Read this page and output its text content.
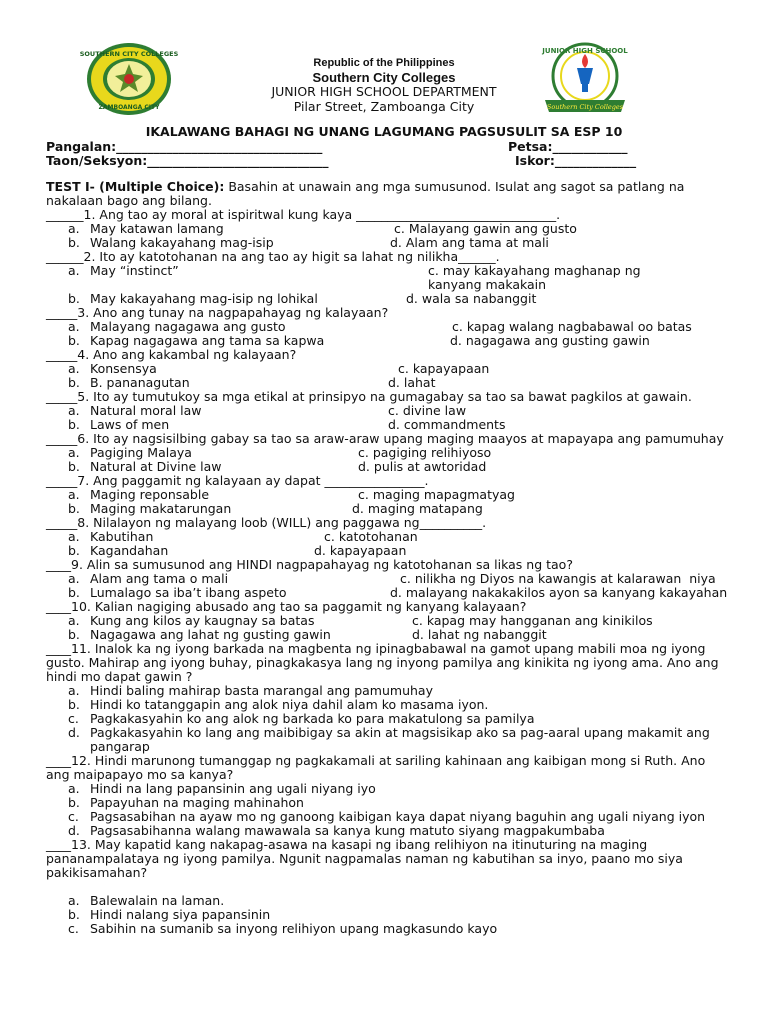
SOUTHERN CITY COLLEGES
ZAMBOANGA CITY
JUNIOR HIGH SCHOOL
Southern City Colleges
Republic of the Philippines
Southern City Colleges
JUNIOR HIGH SCHOOL DEPARTMENT
Pilar Street, Zamboanga City
IKALAWANG BAHAGI NG UNANG LAGUMANG PAGSUSULIT SA ESP 10
Pangalan:_________________________________	Petsa:____________
Taon/Seksyon:_____________________________	Iskor:_____________
TEST I- (Multiple Choice): Basahin at unawain ang mga sumusunod. Isulat ang sagot sa patlang na nakalaan bago ang bilang.
______1. Ang tao ay moral at ispiritwal kung kaya ________________________________.
a. May katawan lamang	c. Malayang gawin ang gusto
b. Walang kakayahang mag-isip	d. Alam ang tama at mali
______2. Ito ay katotohanan na ang tao ay higit sa lahat ng nilikha______.
a. May “instinct”	c. may kakayahang maghanap ng kanyang makakain
b. May kakayahang mag-isip ng lohikal	d. wala sa nabanggit
_____3. Ano ang tunay na nagpapahayag ng kalayaan?
a. Malayang nagagawa ang gusto	c. kapag walang nagbabawal oo batas
b. Kapag nagagawa ang tama sa kapwa	d. nagagawa ang gusting gawin
_____4. Ano ang kakambal ng kalayaan?
a. Konsensya	c. kapayapaan
b. B. pananagutan	d. lahat
_____5. Ito ay tumutukoy sa mga etikal at prinsipyo na gumagabay sa tao sa bawat pagkilos at gawain.
a. Natural moral law	c. divine law
b. Laws of men	d. commandments
_____6. Ito ay nagsisilbing gabay sa tao sa araw-araw upang maging maayos at mapayapa ang pamumuhay
a. Pagiging Malaya	c. pagiging relihiyoso
b. Natural at Divine law	d. pulis at awtoridad
_____7. Ang paggamit ng kalayaan ay dapat ________________.
a. Maging reponsable	c. maging mapagmatyag
b. Maging makatarungan	d. maging matapang
_____8. Nilalayon ng malayang loob (WILL) ang paggawa ng__________.
a. Kabutihan	c. katotohanan
b. Kagandahan	d. kapayapaan
____9. Alin sa sumusunod ang HINDI nagpapahayag ng katotohanan sa likas ng tao?
a. Alam ang tama o mali	c. nilikha ng Diyos na kawangis at kalarawan  niya
b. Lumalago sa iba’t ibang aspeto	d. malayang nakakakilos ayon sa kanyang kakayahan
____10. Kalian nagiging abusado ang tao sa paggamit ng kanyang kalayaan?
a. Kung ang kilos ay kaugnay sa batas	c. kapag may hangganan ang kinikilos
b. Nagagawa ang lahat ng gusting gawin	d. lahat ng nabanggit
____11. Inalok ka ng iyong barkada na magbenta ng ipinagbabawal na gamot upang mabili moa ng iyong gusto. Mahirap ang iyong buhay, pinagkakasya lang ng inyong pamilya ang kinikita ng iyong ama. Ano ang hindi mo dapat gawin ?
a. Hindi baling mahirap basta marangal ang pamumuhay
b. Hindi ko tatanggapin ang alok niya dahil alam ko masama iyon.
c. Pagkakasyahin ko ang alok ng barkada ko para makatulong sa pamilya
d. Pagkakasyahin ko lang ang maibibigay sa akin at magsisikap ako sa pag-aaral upang makamit ang pangarap
____12. Hindi marunong tumanggap ng pagkakamali at sariling kahinaan ang kaibigan mong si Ruth. Ano ang maipapayo mo sa kanya?
a. Hindi na lang papansinin ang ugali niyang iyo
b. Papayuhan na maging mahinahon
c. Pagsasabihan na ayaw mo ng ganoong kaibigan kaya dapat niyang baguhin ang ugali niyang iyon
d. Pagsasabihanna walang mawawala sa kanya kung matuto siyang magpakumbaba
____13. May kapatid kang nakapag-asawa na kasapi ng ibang relihiyon na itinuturing na maging pananampalataya ng iyong pamilya. Ngunit nagpamalas naman ng kabutihan sa inyo, paano mo siya pakikisamahan?
a. Balewalain na laman.
b. Hindi nalang siya papansinin
c. Sabihin na sumanib sa inyong relihiyon upang magkasundo kayo
